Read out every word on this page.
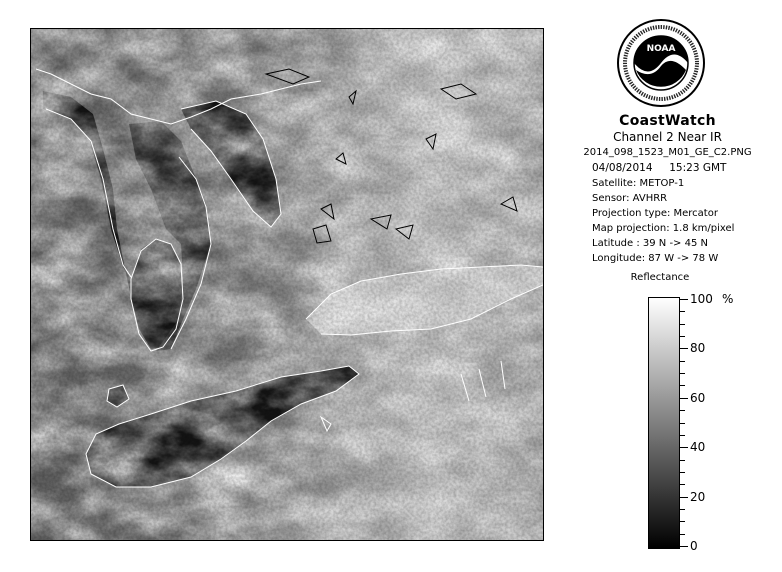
NOAA
CoastWatch
Channel 2 Near IR
2014_098_1523_M01_GE_C2.PNG
04/08/2014 15:23 GMT
Satellite: METOP-1
Sensor: AVHRR
Projection type: Mercator
Map projection: 1.8 km/pixel
Latitude : 39 N -> 45 N
Longitude: 87 W -> 78 W
Reflectance
100
80
60
40
20
0
%
